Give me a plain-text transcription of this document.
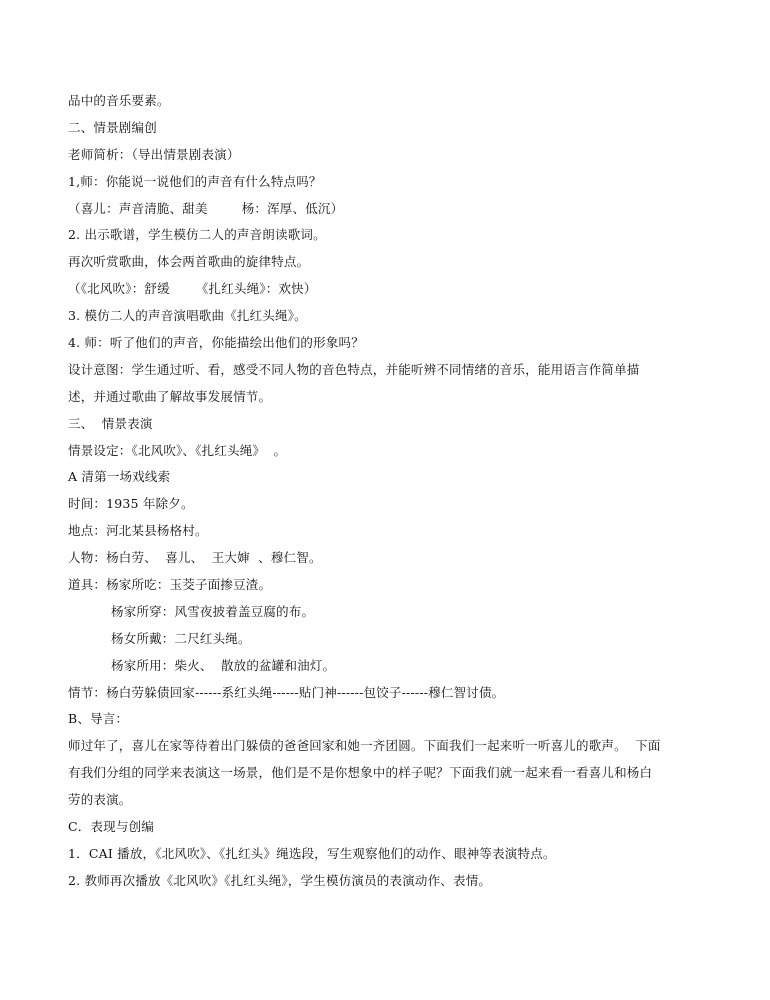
品中的音乐要素。
二、情景剧编创
老师简析：（导出情景剧表演）
1,师：你能说一说他们的声音有什么特点吗？
（喜儿：声音清脆、甜美	杨：浑厚、低沉）
2. 出示歌谱，学生模仿二人的声音朗读歌词。
再次听赏歌曲，体会两首歌曲的旋律特点。
（《北风吹》：舒缓 《扎红头绳》：欢快）
3. 模仿二人的声音演唱歌曲《扎红头绳》。
4. 师：听了他们的声音，你能描绘出他们的形象吗？
设计意图：学生通过听、看，感受不同人物的音色特点，并能听辨不同情绪的音乐，能用语言作简单描
述，并通过歌曲了解故事发展情节。
三、  情景表演
情景设定：《北风吹》、《扎红头绳》  。
A 清第一场戏线索
时间：1935 年除夕。
地点：河北某县杨格村。
人物：杨白劳、  喜儿、  王大婶  、穆仁智。
道具：杨家所吃：玉茭子面掺豆渣。
杨家所穿：风雪夜披着盖豆腐的布。
杨女所戴：二尺红头绳。
杨家所用：柴火、  散放的盆罐和油灯。
情节：杨白劳躲债回家------系红头绳------贴门神------包饺子------穆仁智讨债。
B、导言：
师过年了，喜儿在家等待着出门躲债的爸爸回家和她一齐团圆。下面我们一起来听一听喜儿的歌声。  下面
有我们分组的同学来表演这一场景，他们是不是你想象中的样子呢？下面我们就一起来看一看喜儿和杨白
劳的表演。
C．表现与创编
1．CAI 播放，《北风吹》、《扎红头》绳选段，写生观察他们的动作、眼神等表演特点。
2. 教师再次播放《北风吹》《扎红头绳》，学生模仿演员的表演动作、表情。
